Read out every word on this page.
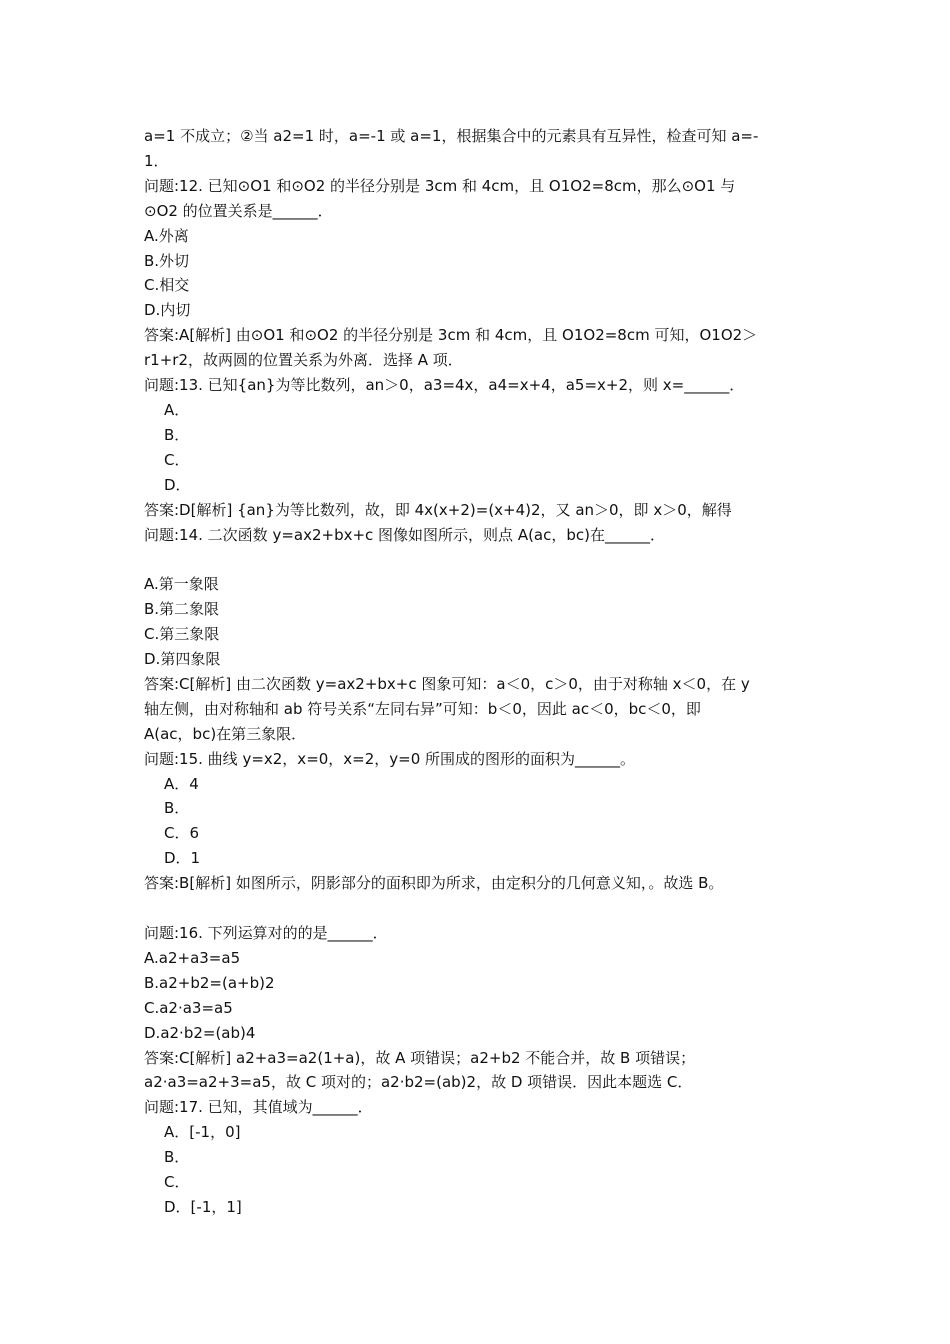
a=1 不成立；②当 a2=1 时，a=-1 或 a=1，根据集合中的元素具有互异性，检查可知 a=-
1．
问题:12. 已知⊙O1 和⊙O2 的半径分别是 3cm 和 4cm，且 O1O2=8cm，那么⊙O1 与
⊙O2 的位置关系是______．
A.外离
B.外切
C.相交
D.内切
答案:A[解析] 由⊙O1 和⊙O2 的半径分别是 3cm 和 4cm，且 O1O2=8cm 可知，O1O2＞
r1+r2，故两圆的位置关系为外离．选择 A 项．
问题:13. 已知{an}为等比数列，an＞0，a3=4x，a4=x+4，a5=x+2，则 x=______．
A．
B．
C．
D．
答案:D[解析] {an}为等比数列，故，即 4x(x+2)=(x+4)2，又 an＞0，即 x＞0，解得
问题:14. 二次函数 y=ax2+bx+c 图像如图所示，则点 A(ac，bc)在______．
A.第一象限
B.第二象限
C.第三象限
D.第四象限
答案:C[解析] 由二次函数 y=ax2+bx+c 图象可知：a＜0，c＞0，由于对称轴 x＜0，在 y
轴左侧，由对称轴和 ab 符号关系“左同右异”可知：b＜0，因此 ac＜0，bc＜0，即
A(ac，bc)在第三象限．
问题:15. 曲线 y=x2，x=0，x=2，y=0 所围成的图形的面积为______。
A．4
B．
C．6
D．1
答案:B[解析] 如图所示，阴影部分的面积即为所求，由定积分的几何意义知，。故选 B。
问题:16. 下列运算对的的是______．
A.a2+a3=a5
B.a2+b2=(a+b)2
C.a2·a3=a5
D.a2·b2=(ab)4
答案:C[解析] a2+a3=a2(1+a)，故 A 项错误；a2+b2 不能合并，故 B 项错误；
a2·a3=a2+3=a5，故 C 项对的；a2·b2=(ab)2，故 D 项错误．因此本题选 C．
问题:17. 已知，其值域为______．
A．[-1，0]
B．
C．
D．[-1，1]
